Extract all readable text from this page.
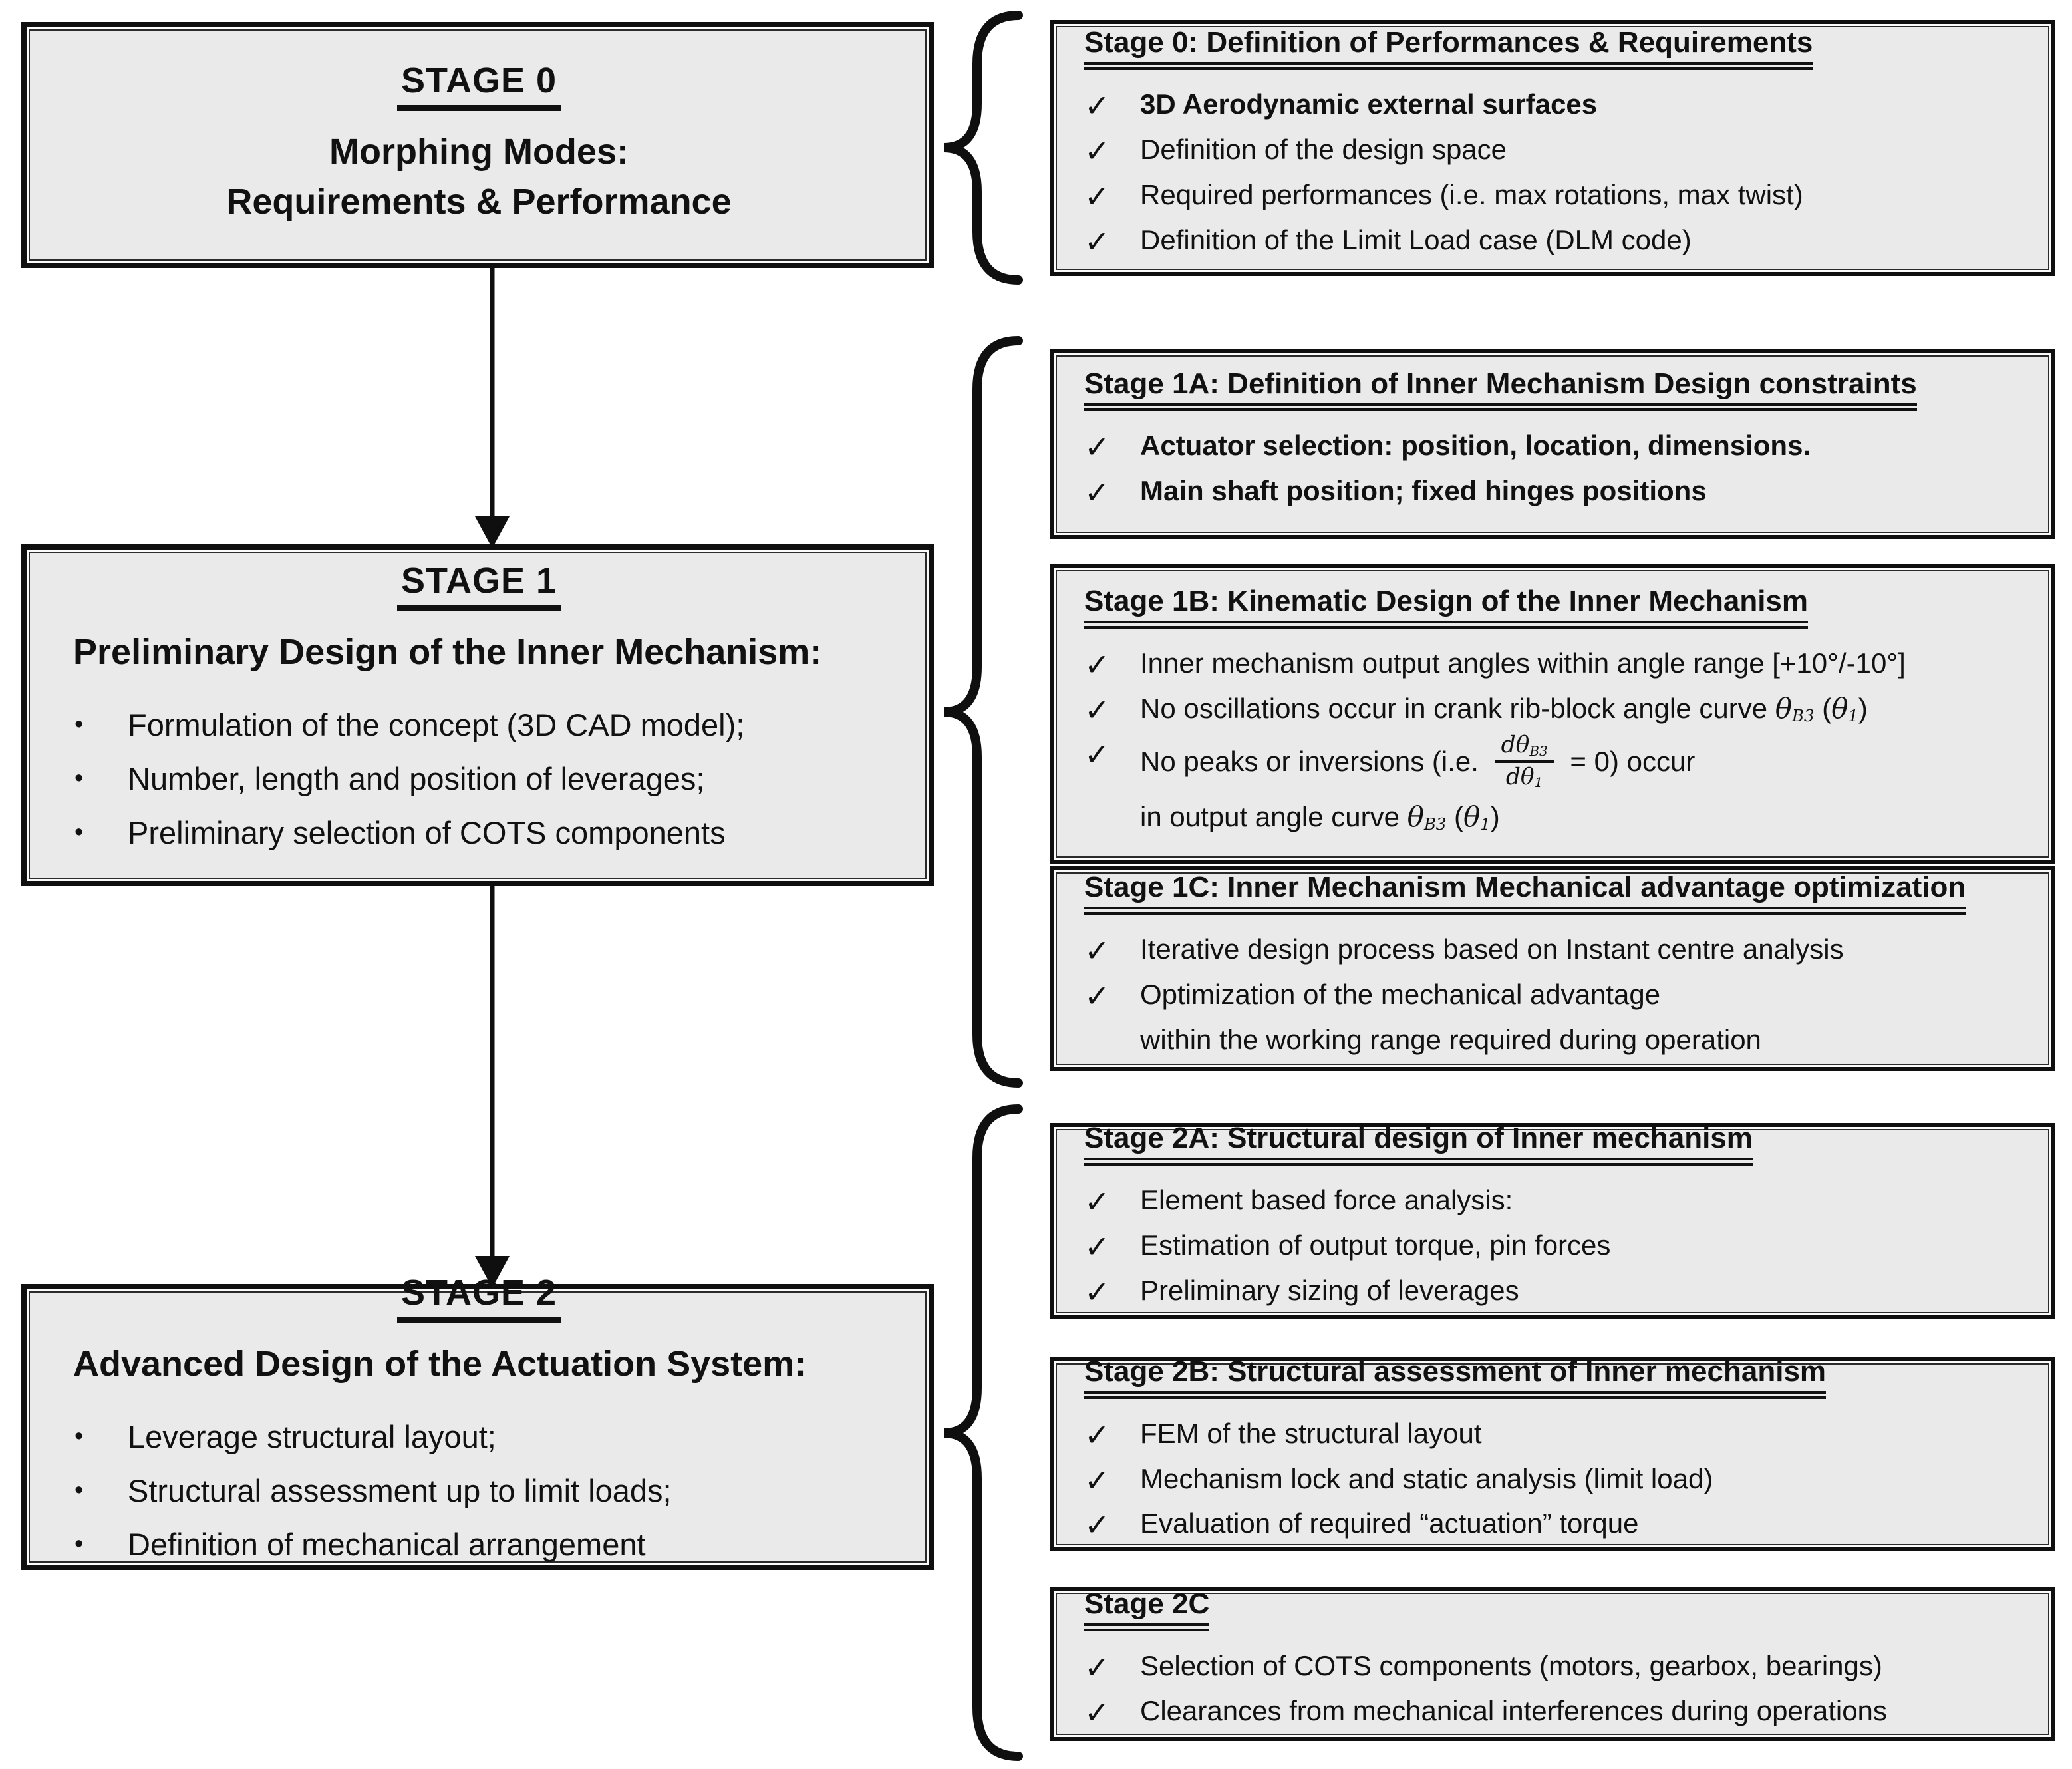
STAGE 0
Morphing Modes:
Requirements & Performance
STAGE 1
Preliminary Design of the Inner Mechanism:
•	Formulation of the concept (3D CAD model);
•	Number, length and position of leverages;
•	Preliminary selection of COTS components
STAGE 2
Advanced Design of the Actuation System:
•	Leverage structural layout;
•	Structural assessment up to limit loads;
•	Definition of mechanical arrangement
Stage 0: Definition of Performances & Requirements
✓	3D Aerodynamic external surfaces
✓	Definition of the design space
✓	Required performances (i.e. max rotations, max twist)
✓	Definition of the Limit Load case (DLM code)
Stage 1A: Definition of Inner Mechanism Design constraints
✓	Actuator selection: position, location, dimensions.
✓	Main shaft position; fixed hinges positions
Stage 1B: Kinematic Design of the Inner Mechanism
✓	Inner mechanism output angles within angle range [+10°/-10°]
✓	No oscillations occur in crank rib-block angle curve θB3 (θ1)
✓	No peaks or inversions (i.e. $\frac{\text{dθB3}}{d\theta 1} = 0$) occur
in output angle curve θB3 (θ1)
Stage 1C: Inner Mechanism Mechanical advantage optimization
✓	Iterative design process based on Instant centre analysis
✓	Optimization of the mechanical advantage
within the working range required during operation
Stage 2A: Structural design of Inner mechanism
✓	Element based force analysis:
✓	Estimation of output torque, pin forces
✓	Preliminary sizing of leverages
Stage 2B: Structural assessment of Inner mechanism
✓	FEM of the structural layout
✓	Mechanism lock and static analysis (limit load)
✓	Evaluation of required “actuation” torque
Stage 2C
✓	Selection of COTS components (motors, gearbox, bearings)
✓	Clearances from mechanical interferences during operations
